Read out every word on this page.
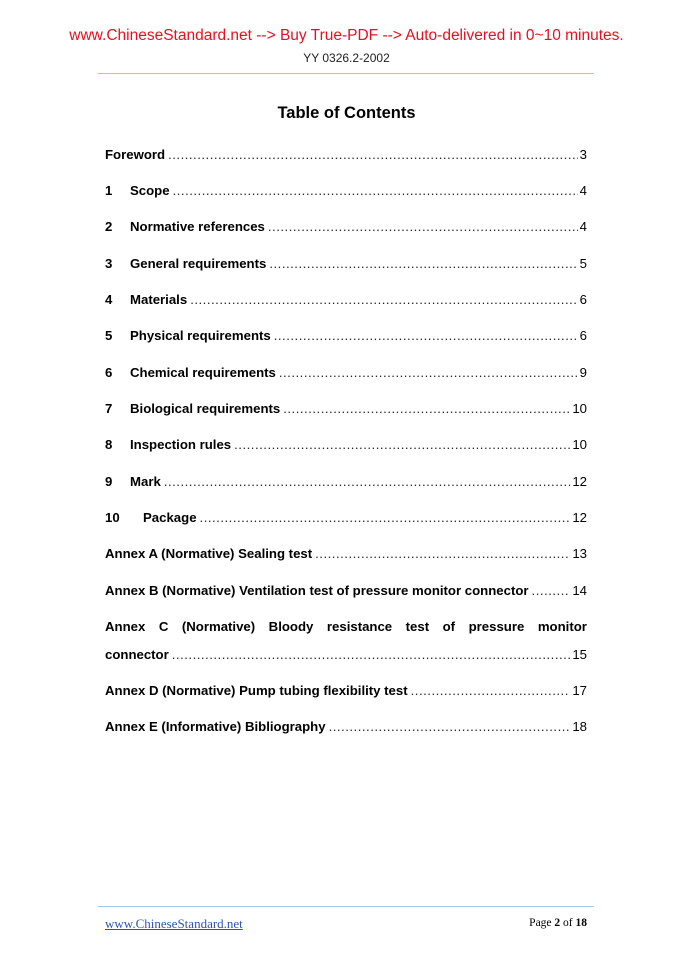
www.ChineseStandard.net --> Buy True-PDF --> Auto-delivered in 0~10 minutes.
YY 0326.2-2002
Table of Contents
Foreword .....	3
1	Scope .....	4
2	Normative references .....	4
3	General requirements .....	5
4	Materials .....	6
5	Physical requirements .....	6
6	Chemical requirements .....	9
7	Biological requirements .....	10
8	Inspection rules .....	10
9	Mark .....	12
10	Package .....	12
Annex A (Normative) Sealing test .....	13
Annex B (Normative) Ventilation test of pressure monitor connector .....	14
Annex C (Normative) Bloody resistance test of pressure monitor
connector .....	15
Annex D (Normative) Pump tubing flexibility test .....	17
Annex E (Informative) Bibliography .....	18
www.ChineseStandard.net	Page 2 of 18
